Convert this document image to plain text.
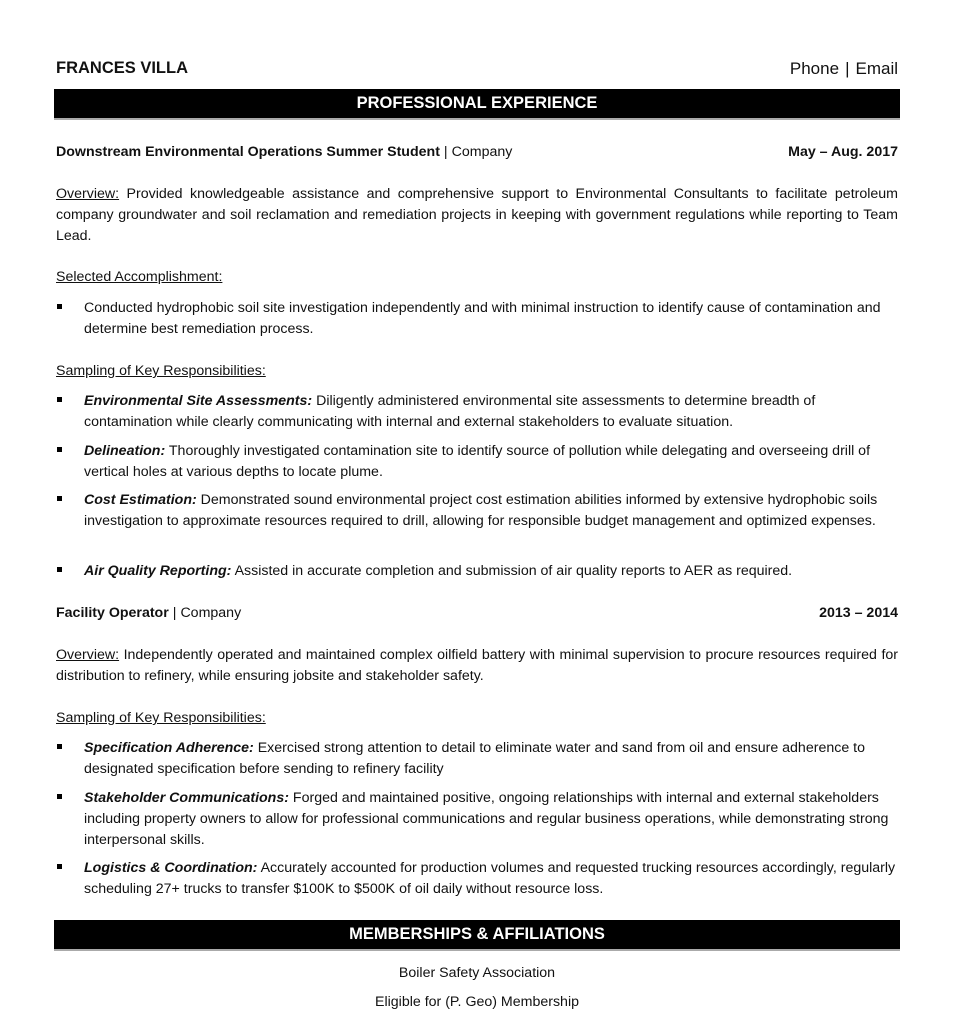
FRANCES VILLA	Phone | Email
PROFESSIONAL EXPERIENCE
Downstream Environmental Operations Summer Student | Company	May – Aug. 2017
Overview: Provided knowledgeable assistance and comprehensive support to Environmental Consultants to facilitate petroleum company groundwater and soil reclamation and remediation projects in keeping with government regulations while reporting to Team Lead.
Selected Accomplishment:
Conducted hydrophobic soil site investigation independently and with minimal instruction to identify cause of contamination and determine best remediation process.
Sampling of Key Responsibilities:
Environmental Site Assessments: Diligently administered environmental site assessments to determine breadth of contamination while clearly communicating with internal and external stakeholders to evaluate situation.
Delineation: Thoroughly investigated contamination site to identify source of pollution while delegating and overseeing drill of vertical holes at various depths to locate plume.
Cost Estimation: Demonstrated sound environmental project cost estimation abilities informed by extensive hydrophobic soils investigation to approximate resources required to drill, allowing for responsible budget management and optimized expenses.
Air Quality Reporting: Assisted in accurate completion and submission of air quality reports to AER as required.
Facility Operator | Company	2013 – 2014
Overview: Independently operated and maintained complex oilfield battery with minimal supervision to procure resources required for distribution to refinery, while ensuring jobsite and stakeholder safety.
Sampling of Key Responsibilities:
Specification Adherence: Exercised strong attention to detail to eliminate water and sand from oil and ensure adherence to designated specification before sending to refinery facility
Stakeholder Communications: Forged and maintained positive, ongoing relationships with internal and external stakeholders including property owners to allow for professional communications and regular business operations, while demonstrating strong interpersonal skills.
Logistics & Coordination: Accurately accounted for production volumes and requested trucking resources accordingly, regularly scheduling 27+ trucks to transfer $100K to $500K of oil daily without resource loss.
MEMBERSHIPS & AFFILIATIONS
Boiler Safety Association
Eligible for (P. Geo) Membership
